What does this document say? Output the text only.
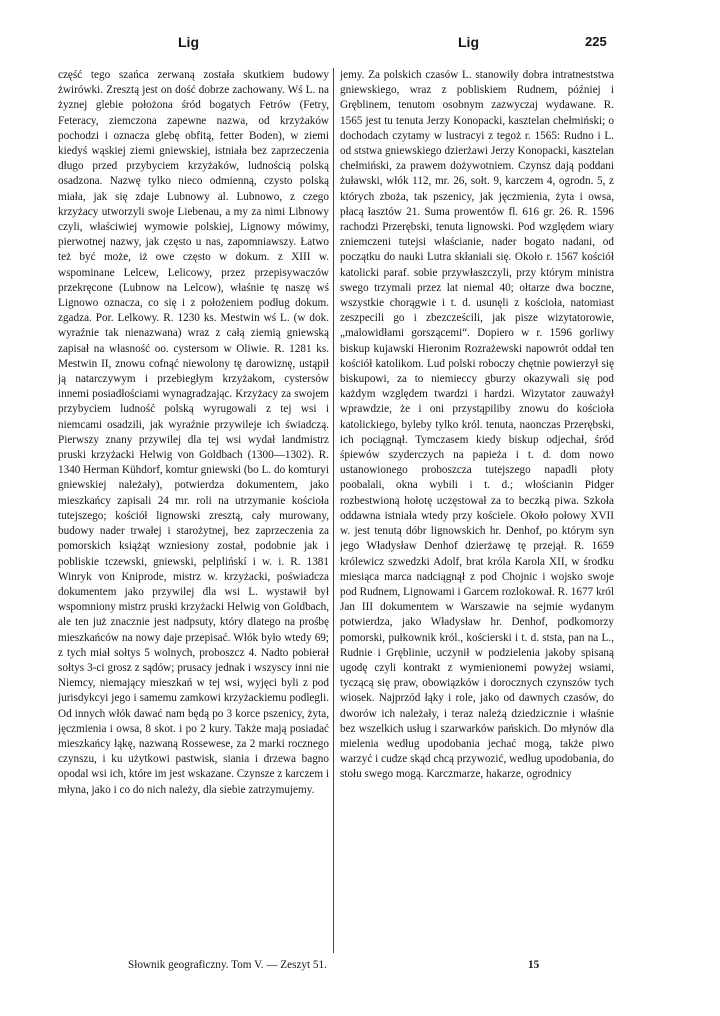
Lig	Lig	225

część tego szańca zerwaną została skutkiem budowy żwirówki. Zresztą jest on dość dobrze zachowany. Wś L. na żyznej glebie położona śród bogatych Fetrów (Fetry, Feteracy, ziemczona zapewne nazwa, od krzyżaków pochodzi i oznacza glebę obfitą, fetter Boden), w ziemi kiedyś wąskiej ziemi gniewskiej, istniała bez zaprzeczenia długo przed przybyciem krzyżaków, ludnością polską osadzona. Nazwę tylko nieco odmienną, czysto polską miała, jak się zdaje Lubnowy al. Lubnowo, z czego krzyżacy utworzyli swoje Liebenau, a my za nimi Libnowy czyli, właściwiej wymowie polskiej, Lignowy mówimy, pierwotnej nazwy, jak często u nas, zapomniawszy. Łatwo też być może, iż owe często w dokum. z XIII w. wspominane Lelcew, Lelicowy, przez przepisywaczów przekręcone (Lubnow na Lelcow), właśnie tę naszę wś Lignowo oznacza, co się i z położeniem podług dokum. zgadza. Por. Lelkowy. R. 1230 ks. Mestwin wś L. (w dok. wyraźnie tak nienazwana) wraz z całą ziemią gniewską zapisał na własność oo. cystersom w Oliwie. R. 1281 ks. Mestwin II, znowu cofnąć niewolony tę darowiznę, ustąpił ją natarczywym i przebiegłym krzyżakom, cystersów innemi posiadłościami wynagradzając. Krzyżacy za swojem przybyciem ludność polską wyrugowali z tej wsi i niemcami osadzili, jak wyraźnie przywileje ich świadczą. Pierwszy znany przywilej dla tej wsi wydał landmistrz pruski krzyżacki Helwig von Goldbach (1300—1302). R. 1340 Herman Kühdorf, komtur gniewski (bo L. do komturyi gniewskiej należały), potwierdza dokumentem, jako mieszkańcy zapisali 24 mr. roli na utrzymanie kościoła tutejszego; kościół lignowski zresztą, cały murowany, budowy nader trwałej i starożytnej, bez zaprzeczenia za pomorskich książąt wzniesiony został, podobnie jak i pobliskie tczewski, gniewski, pelplińskí i w. i. R. 1381 Winryk von Kniprode, mistrz w. krzyżacki, poświadcza dokumentem jako przywilej dla wsi L. wystawił był wspomniony mistrz pruski krzyżacki Helwig von Goldbach, ale ten już znacznie jest nadpsuty, który dlatego na prośbę mieszkańców na nowy daje przepisać. Włók było wtedy 69; z tych miał sołtys 5 wolnych, proboszcz 4. Nadto pobierał sołtys 3-ci grosz z sądów; prusacy jednak i wszyscy inni nie Niemcy, niemający mieszkań w tej wsi, wyjęci byli z pod jurisdykcyi jego i samemu zamkowi krzyżackiemu podlegli. Od innych włók dawać nam będą po 3 korce pszenicy, żyta, jęczmienia i owsa, 8 skot. i po 2 kury. Także mają posiadać mieszkańcy łąkę, nazwaną Rossewese, za 2 marki rocznego czynszu, i ku użytkowi pastwisk, siania i drzewa bagno opodal wsi ich, które im jest wskazane. Czynsze z karczem i młyna, jako i co do nich należy, dla siebie zatrzymujemy.

jemy. Za polskich czasów L. stanowiły dobra intratneststwa gniewskiego, wraz z pobliskiem Rudnem, później i Gręblinem, tenutom osobnym zazwyczaj wydawane. R. 1565 jest tu tenuta Jerzy Konopacki, kasztelan chełmiński; o dochodach czytamy w lustracyi z tegoż r. 1565: Rudno i L. od ststwa gniewskiego dzierżawi Jerzy Konopacki, kasztelan chełmiński, za prawem dożywotniem. Czynsz dają poddani żuławski, włók 112, mr. 26, sołt. 9, karczem 4, ogrodn. 5, z których zboża, tak pszenicy, jak jęczmienia, żyta i owsa, płacą łasztów 21. Suma prowentów fl. 616 gr. 26. R. 1596 rachodzi Przerębski, tenuta lignowski. Pod względem wiary zniemczeni tutejsi właścianie, nader bogato nadani, od początku do nauki Lutra skłaniali się. Około r. 1567 kościół katolicki paraf. sobie przywłaszczyli, przy którym ministra swego trzymali przez lat niemal 40; ołtarze dwa boczne, wszystkie chorągwie i t. d. usunęli z kościoła, natomiast zeszpecili go i zbezcześcili, jak pisze wizytatorowie, „malowidłami gorszącemi“. Dopiero w r. 1596 gorliwy biskup kujawski Hieronim Rozrażewski napowrót oddał ten kościół katolikom. Lud polski roboczy chętnie powierzył się biskupowi, za to niemieccy gburzy okazywali się pod każdym względem twardzi i hardzi. Wizytator zauważył wprawdzie, że i oni przystąpiliby znowu do kościoła katolickiego, byleby tylko król. tenuta, naonczas Przerębski, ich pociągnął. Tymczasem kiedy biskup odjechał, śród śpiewów szyderczych na papieża i t. d. dom nowo ustanowionego proboszcza tutejszego napadli płoty poobalali, okna wybili i t. d.; włościanin Pidger rozbestwioną hołotę uczęstował za to beczką piwa. Szkoła oddawna istniała wtedy przy kościele. Około połowy XVII w. jest tenutą dóbr lignowskich hr. Denhof, po którym syn jego Władysław Denhof dzierżawę tę przejął. R. 1659 królewicz szwedzki Adolf, brat króla Karola XII, w środku miesiąca marca nadciągnął z pod Chojnic i wojsko swoje pod Rudnem, Lignowami i Garcem rozlokował. R. 1677 król Jan III dokumentem w Warszawie na sejmie wydanym potwierdza, jako Władysław hr. Denhof, podkomorzy pomorski, pułkownik król., kościerski i t. d. ststa, pan na L., Rudnie i Gręblinie, uczynił w podzielenia jakoby spisaną ugodę czyli kontrakt z wymienionemi powyżej wsiami, tyczącą się praw, obowiązków i dorocznych czynszów tych wiosek. Najprzód łąky i role, jako od dawnych czasów, do dworów ich należały, i teraz należą dziedzicznie i właśnie bez wszelkich usług i szarwarków pańskich. Do młynów dla mielenia według upodobania jechać mogą, także piwo warzyć i cudze skąd chcą przywozić, według upodobania, do stołu swego mogą. Karczmarze, hakarze, ogrodnicy

Słownik geograficzny. Tom V. — Zeszyt 51.	15
